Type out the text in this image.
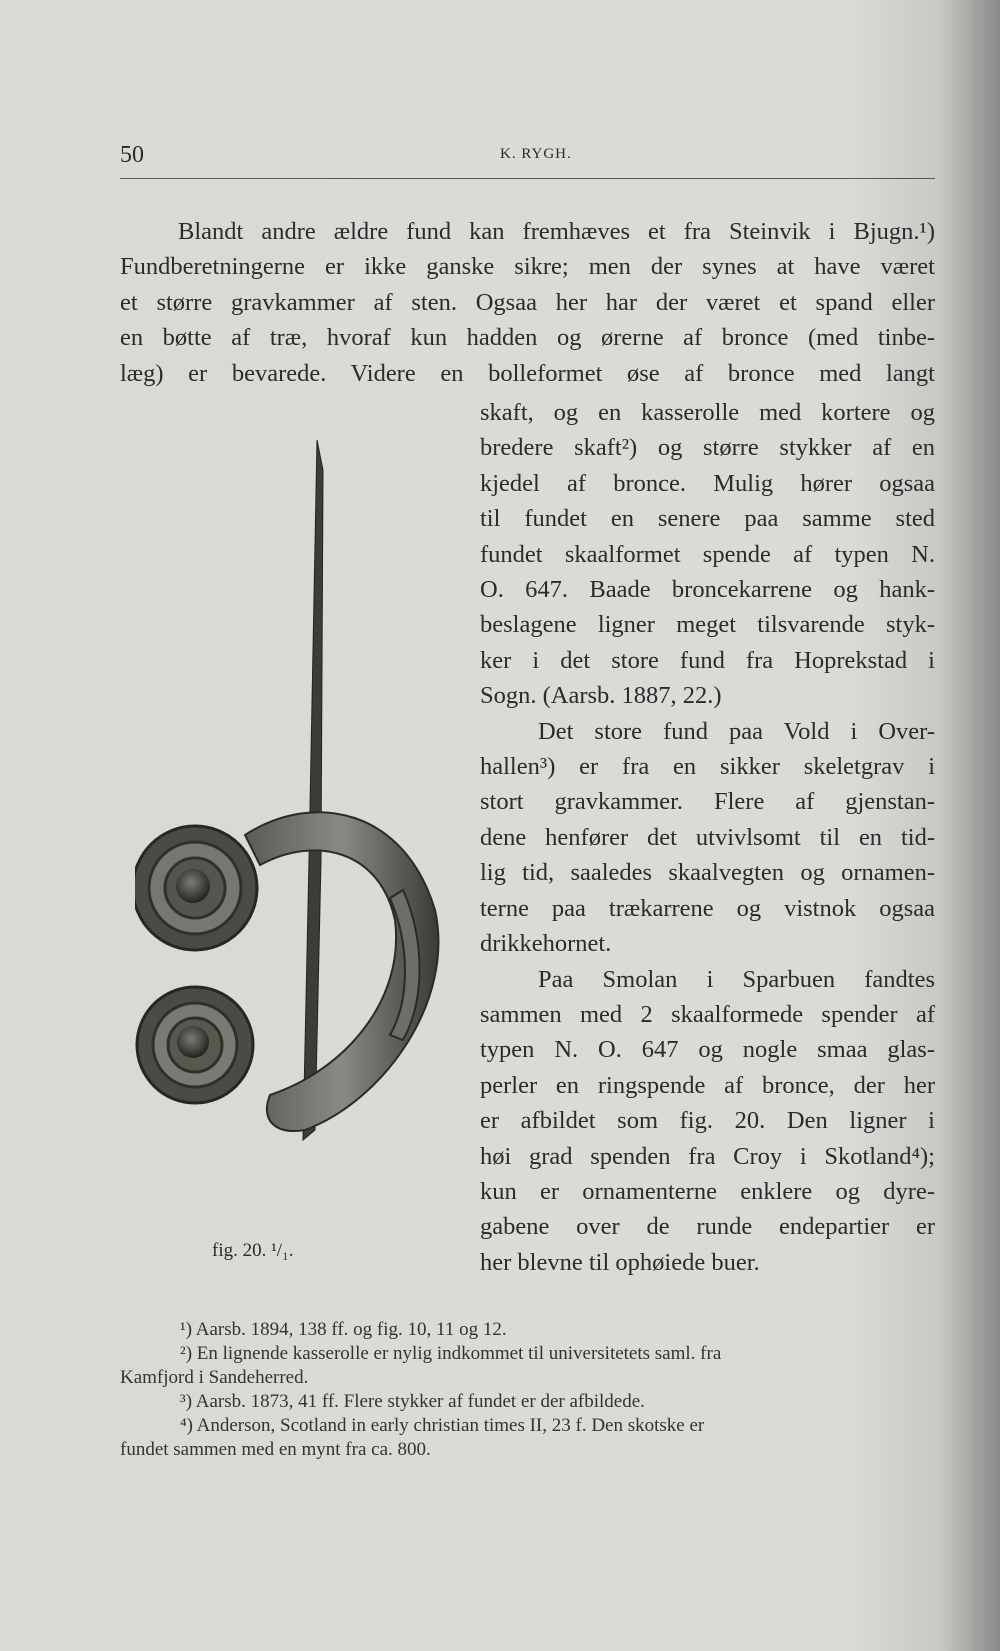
50	K. RYGH.
Blandt andre ældre fund kan fremhæves et fra Steinvik i Bjugn.¹)
Fundberetningerne er ikke ganske sikre; men der synes at have været
et større gravkammer af sten. Ogsaa her har der været et spand eller
en bøtte af træ, hvoraf kun hadden og ørerne af bronce (med tinbe-
læg) er bevarede. Videre en bolleformet øse af bronce med langt
skaft, og en kasserolle med kortere og
bredere skaft²) og større stykker af en
kjedel af bronce. Mulig hører ogsaa
til fundet en senere paa samme sted
fundet skaalformet spende af typen N.
O. 647. Baade broncekarrene og hank-
beslagene ligner meget tilsvarende styk-
ker i det store fund fra Hoprekstad i
Sogn. (Aarsb. 1887, 22.)
Det store fund paa Vold i Over-
hallen³) er fra en sikker skeletgrav i
stort gravkammer. Flere af gjenstan-
dene henfører det utvivlsomt til en tid-
lig tid, saaledes skaalvegten og ornamen-
terne paa trækarrene og vistnok ogsaa
drikkehornet.
Paa Smolan i Sparbuen fandtes
sammen med 2 skaalformede spender af
typen N. O. 647 og nogle smaa glas-
perler en ringspende af bronce, der her
er afbildet som fig. 20. Den ligner i
høi grad spenden fra Croy i Skotland⁴);
kun er ornamenterne enklere og dyre-
gabene over de runde endepartier er
her blevne til ophøiede buer.
fig. 20. ¹/₁.
¹) Aarsb. 1894, 138 ff. og fig. 10, 11 og 12.
²) En lignende kasserolle er nylig indkommet til universitetets saml. fra
Kamfjord i Sandeherred.
³) Aarsb. 1873, 41 ff. Flere stykker af fundet er der afbildede.
⁴) Anderson, Scotland in early christian times II, 23 f. Den skotske er
fundet sammen med en mynt fra ca. 800.
